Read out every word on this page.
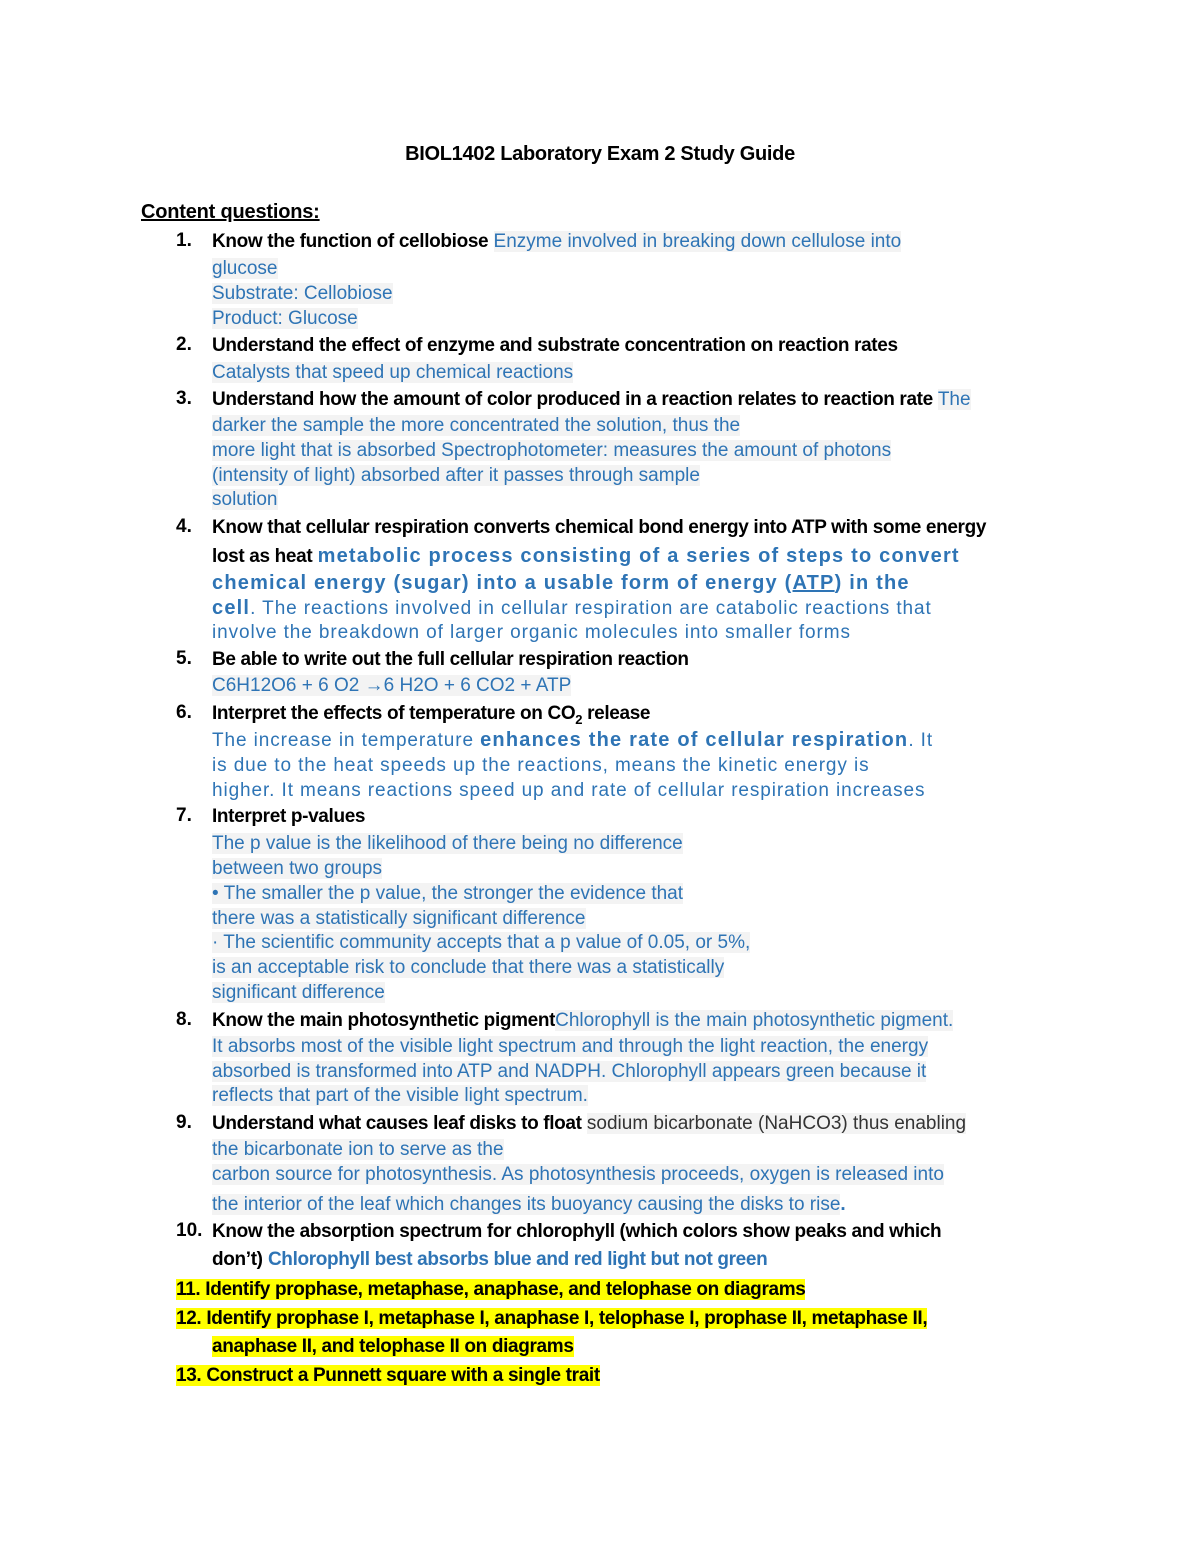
BIOL1402 Laboratory Exam 2 Study Guide
Content questions:
1.	Know the function of cellobiose Enzyme involved in breaking down cellulose into
glucose
Substrate: Cellobiose
Product: Glucose
2.	Understand the effect of enzyme and substrate concentration on reaction rates
Catalysts that speed up chemical reactions
3.	Understand how the amount of color produced in a reaction relates to reaction rate The
darker the sample the more concentrated the solution, thus the
more light that is absorbed Spectrophotometer: measures the amount of photons
(intensity of light) absorbed after it passes through sample
solution
4.	Know that cellular respiration converts chemical bond energy into ATP with some energy
lost as heat metabolic process consisting of a series of steps to convert
chemical energy (sugar) into a usable form of energy (ATP) in the
cell. The reactions involved in cellular respiration are catabolic reactions that
involve the breakdown of larger organic molecules into smaller forms
5.	Be able to write out the full cellular respiration reaction
C6H12O6 + 6 O2 →6 H2O + 6 CO2 + ATP
6.	Interpret the effects of temperature on $CO_2$ release
The increase in temperature enhances the rate of cellular respiration. It
is due to the heat speeds up the reactions, means the kinetic energy is
higher. It means reactions speed up and rate of cellular respiration increases
7.	Interpret p-values
The p value is the likelihood of there being no difference
between two groups
• The smaller the p value, the stronger the evidence that
there was a statistically significant difference
· The scientific community accepts that a p value of 0.05, or 5%,
is an acceptable risk to conclude that there was a statistically
significant difference
8.	Know the main photosynthetic pigmentChlorophyll is the main photosynthetic pigment.
It absorbs most of the visible light spectrum and through the light reaction, the energy
absorbed is transformed into ATP and NADPH. Chlorophyll appears green because it
reflects that part of the visible light spectrum.
9.	Understand what causes leaf disks to float sodium bicarbonate (NaHCO3) thus enabling
the bicarbonate ion to serve as the
carbon source for photosynthesis. As photosynthesis proceeds, oxygen is released into
the interior of the leaf which changes its buoyancy causing the disks to rise.
10. Know the absorption spectrum for chlorophyll (which colors show peaks and which
don’t) Chlorophyll best absorbs blue and red light but not green
11. Identify prophase, metaphase, anaphase, and telophase on diagrams
12. Identify prophase I, metaphase I, anaphase I, telophase I, prophase II, metaphase II,
anaphase II, and telophase II on diagrams
13. Construct a Punnett square with a single trait
